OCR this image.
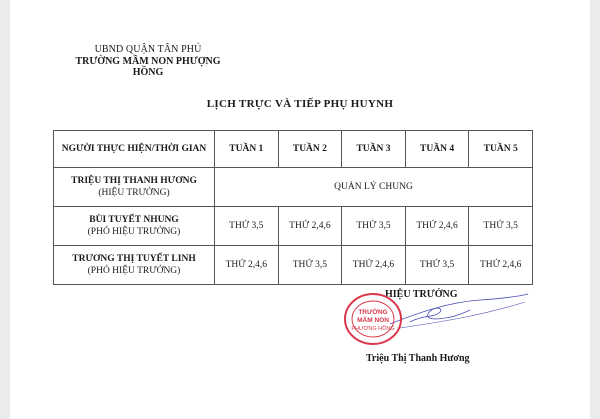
UBND QUẬN TÂN PHÚ
TRƯỜNG MẦM NON PHƯỢNG HỒNG
LỊCH TRỰC VÀ TIẾP PHỤ HUYNH
NGƯỜI THỰC HIỆN/THỜI GIAN	TUẦN 1	TUẦN 2	TUẦN 3	TUẦN 4	TUẦN 5

TRIỆU THỊ THANH HƯƠNG
(HIỆU TRƯỞNG)	QUẢN LÝ CHUNG				

BÙI TUYẾT NHUNG
(PHÓ HIỆU TRƯỞNG)	THỨ 3,5	THỨ 2,4,6	THỨ 3,5	THỨ 2,4,6	THỨ 3,5

TRƯƠNG THỊ TUYẾT LINH
(PHÓ HIỆU TRƯỞNG)	THỨ 2,4,6	THỨ 3,5	THỨ 2,4,6	THỨ 3,5	THỨ 2,4,6
HIỆU TRƯỞNG
TRƯỜNG
MẦM NON
PHƯỢNG HỒNG
Triệu Thị Thanh Hương
